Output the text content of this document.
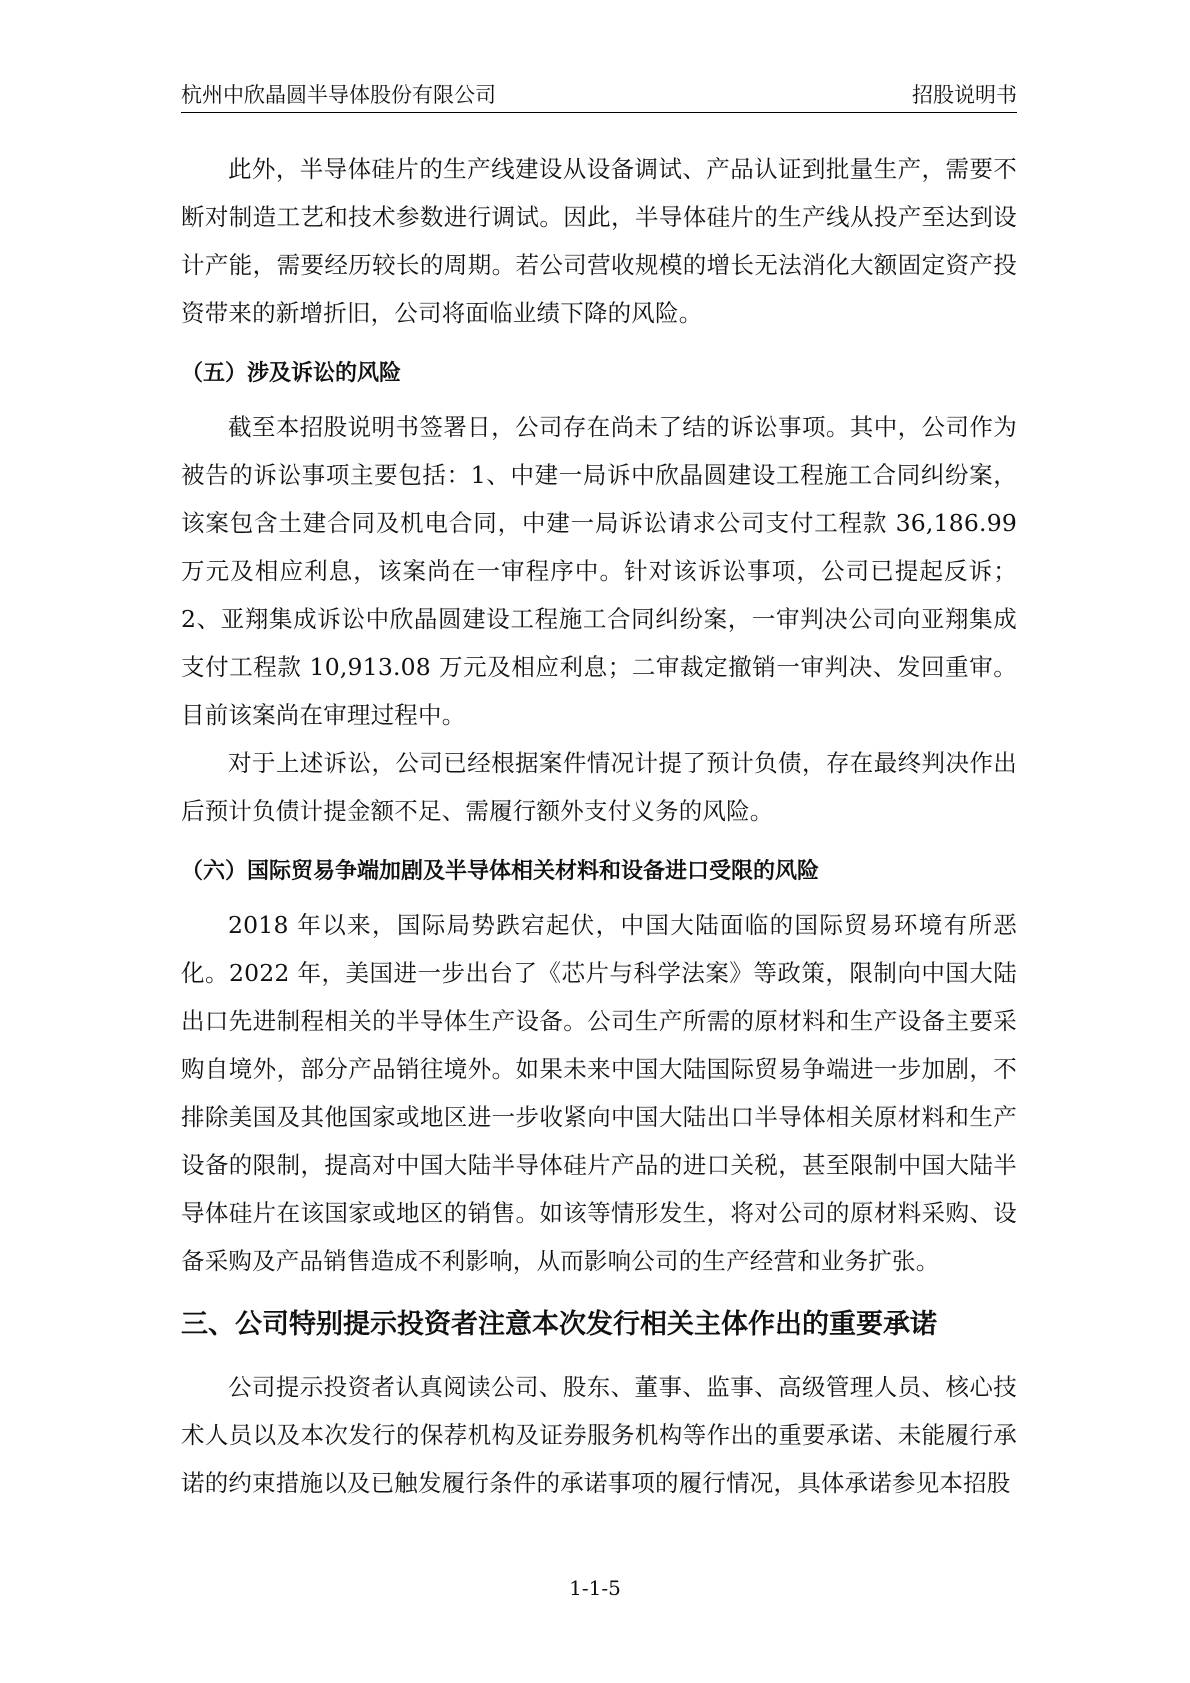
杭州中欣晶圆半导体股份有限公司	招股说明书

此外，半导体硅片的生产线建设从设备调试、产品认证到批量生产，需要不断对制造工艺和技术参数进行调试。因此，半导体硅片的生产线从投产至达到设计产能，需要经历较长的周期。若公司营收规模的增长无法消化大额固定资产投资带来的新增折旧，公司将面临业绩下降的风险。

（五）涉及诉讼的风险

截至本招股说明书签署日，公司存在尚未了结的诉讼事项。其中，公司作为被告的诉讼事项主要包括：1、中建一局诉中欣晶圆建设工程施工合同纠纷案，该案包含土建合同及机电合同，中建一局诉讼请求公司支付工程款 36,186.99 万元及相应利息，该案尚在一审程序中。针对该诉讼事项，公司已提起反诉；2、亚翔集成诉讼中欣晶圆建设工程施工合同纠纷案，一审判决公司向亚翔集成支付工程款 10,913.08 万元及相应利息；二审裁定撤销一审判决、发回重审。目前该案尚在审理过程中。

对于上述诉讼，公司已经根据案件情况计提了预计负债，存在最终判决作出后预计负债计提金额不足、需履行额外支付义务的风险。

（六）国际贸易争端加剧及半导体相关材料和设备进口受限的风险

2018 年以来，国际局势跌宕起伏，中国大陆面临的国际贸易环境有所恶化。2022 年，美国进一步出台了《芯片与科学法案》等政策，限制向中国大陆出口先进制程相关的半导体生产设备。公司生产所需的原材料和生产设备主要采购自境外，部分产品销往境外。如果未来中国大陆国际贸易争端进一步加剧，不排除美国及其他国家或地区进一步收紧向中国大陆出口半导体相关原材料和生产设备的限制，提高对中国大陆半导体硅片产品的进口关税，甚至限制中国大陆半导体硅片在该国家或地区的销售。如该等情形发生，将对公司的原材料采购、设备采购及产品销售造成不利影响，从而影响公司的生产经营和业务扩张。

三、公司特别提示投资者注意本次发行相关主体作出的重要承诺

公司提示投资者认真阅读公司、股东、董事、监事、高级管理人员、核心技术人员以及本次发行的保荐机构及证券服务机构等作出的重要承诺、未能履行承诺的约束措施以及已触发履行条件的承诺事项的履行情况，具体承诺参见本招股

1-1-5
